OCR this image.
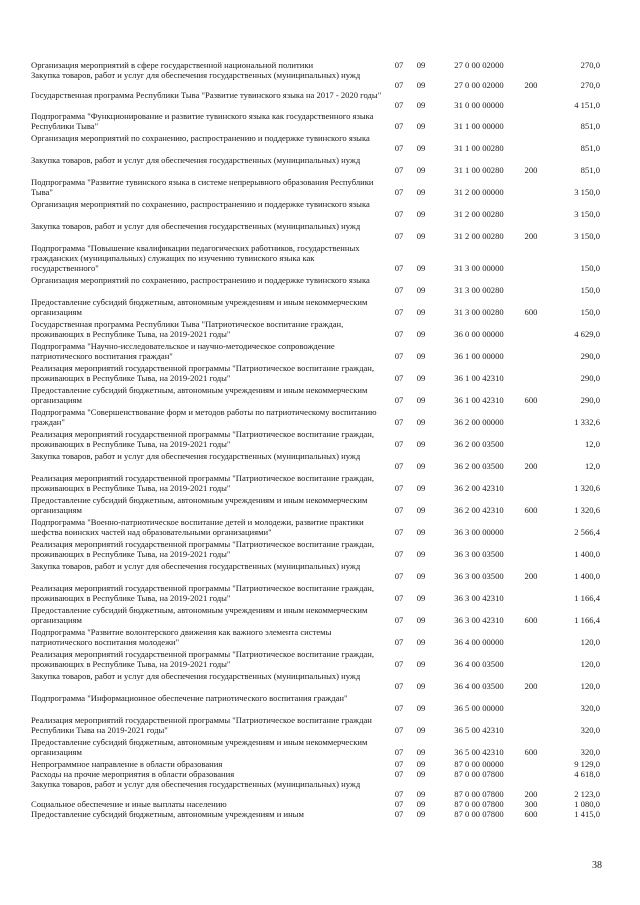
Организация мероприятий в сфере государственной национальной политики	07	09	27 0 00 02000	270,0
Закупка товаров, работ и услуг для обеспечения государственных (муниципальных) нужд
07	09	27 0 00 02000	200	270,0
Государственная программа Республики Тыва "Развитие тувинского языка на 2017 - 2020 годы"
07	09	31 0 00 00000	4 151,0
Подпрограмма "Функционирование и развитие тувинского языка как государственного языка Республики Тыва"	07	09	31 1 00 00000	851,0
Организация мероприятий по сохранению, распространению и поддержке тувинского языка
07	09	31 1 00 00280	851,0
Закупка товаров, работ и услуг для обеспечения государственных (муниципальных) нужд
07	09	31 1 00 00280	200	851,0
Подпрограмма "Развитие тувинского языка в системе непрерывного образования Республики Тыва"	07	09	31 2 00 00000	3 150,0
Организация мероприятий по сохранению, распространению и поддержке тувинского языка
07	09	31 2 00 00280	3 150,0
Закупка товаров, работ и услуг для обеспечения государственных (муниципальных) нужд
07	09	31 2 00 00280	200	3 150,0
Подпрограмма "Повышение квалификации педагогических работников, государственных гражданских (муниципальных) служащих по изучению тувинского языка как государственного"	07	09	31 3 00 00000	150,0
Организация мероприятий по сохранению, распространению и поддержке тувинского языка
07	09	31 3 00 00280	150,0
Предоставление субсидий бюджетным, автономным учреждениям и иным некоммерческим организациям	07	09	31 3 00 00280	600	150,0
Государственная программа Республики Тыва "Патриотическое воспитание граждан, проживающих в Республике Тыва, на 2019-2021 годы"	07	09	36 0 00 00000	4 629,0
Подпрограмма "Научно-исследовательское и научно-методическое сопровождение патриотического воспитания граждан"	07	09	36 1 00 00000	290,0
Реализация мероприятий государственной программы "Патриотическое воспитание граждан, проживающих в Республике Тыва, на 2019-2021 годы"	07	09	36 1 00 42310	290,0
Предоставление субсидий бюджетным, автономным учреждениям и иным некоммерческим организациям	07	09	36 1 00 42310	600	290,0
Подпрограмма "Совершенствование форм и методов работы по патриотическому воспитанию граждан"	07	09	36 2 00 00000	1 332,6
Реализация мероприятий государственной программы "Патриотическое воспитание граждан, проживающих в Республике Тыва, на 2019-2021 годы"	07	09	36 2 00 03500	12,0
Закупка товаров, работ и услуг для обеспечения государственных (муниципальных) нужд
07	09	36 2 00 03500	200	12,0
Реализация мероприятий государственной программы "Патриотическое воспитание граждан, проживающих в Республике Тыва, на 2019-2021 годы"	07	09	36 2 00 42310	1 320,6
Предоставление субсидий бюджетным, автономным учреждениям и иным некоммерческим организациям	07	09	36 2 00 42310	600	1 320,6
Подпрограмма "Военно-патриотическое воспитание детей и молодежи, развитие практики шефства воинских частей над образовательными организациями"	07	09	36 3 00 00000	2 566,4
Реализация мероприятий государственной программы "Патриотическое воспитание граждан, проживающих в Республике Тыва, на 2019-2021 годы"	07	09	36 3 00 03500	1 400,0
Закупка товаров, работ и услуг для обеспечения государственных (муниципальных) нужд
07	09	36 3 00 03500	200	1 400,0
Реализация мероприятий государственной программы "Патриотическое воспитание граждан, проживающих в Республике Тыва, на 2019-2021 годы"	07	09	36 3 00 42310	1 166,4
Предоставление субсидий бюджетным, автономным учреждениям и иным некоммерческим организациям	07	09	36 3 00 42310	600	1 166,4
Подпрограмма "Развитие волонтерского движения как важного элемента системы патриотического воспитания молодежи"	07	09	36 4 00 00000	120,0
Реализация мероприятий государственной программы "Патриотическое воспитание граждан, проживающих в Республике Тыва, на 2019-2021 годы"	07	09	36 4 00 03500	120,0
Закупка товаров, работ и услуг для обеспечения государственных (муниципальных) нужд
07	09	36 4 00 03500	200	120,0
Подпрограмма "Информационное обеспечение патриотического воспитания граждан"
07	09	36 5 00 00000	320,0
Реализация мероприятий государственной программы "Патриотическое воспитание граждан Республики Тыва на 2019-2021 годы"	07	09	36 5 00 42310	320,0
Предоставление субсидий бюджетным, автономным учреждениям и иным некоммерческим организациям	07	09	36 5 00 42310	600	320,0
Непрограммное направление в области образования	07	09	87 0 00 00000	9 129,0
Расходы на прочие мероприятия в области образования	07	09	87 0 00 07800	4 618,0
Закупка товаров, работ и услуг для обеспечения государственных (муниципальных) нужд
07	09	87 0 00 07800	200	2 123,0
Социальное обеспечение и иные выплаты населению	07	09	87 0 00 07800	300	1 080,0
Предоставление субсидий бюджетным, автономным учреждениям и иным	07	09	87 0 00 07800	600	1 415,0
38
